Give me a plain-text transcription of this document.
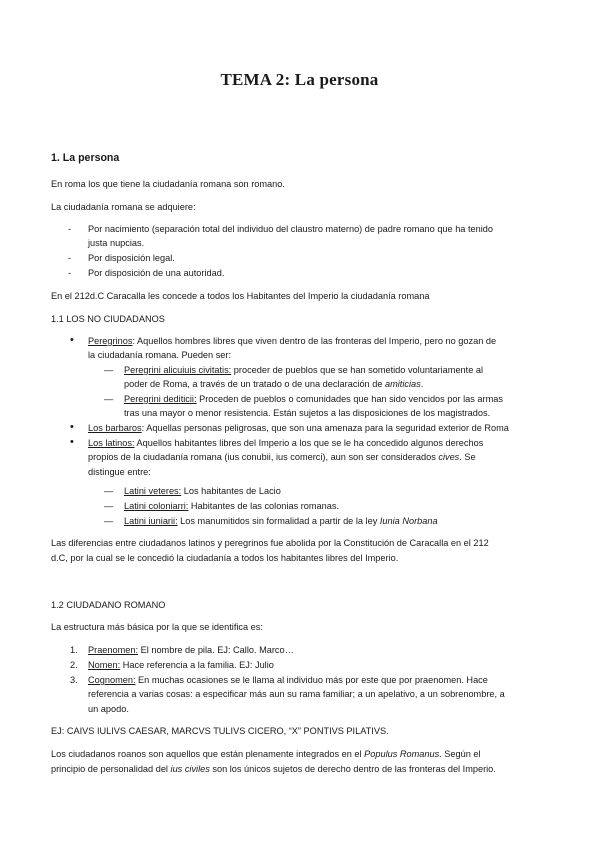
TEMA 2: La persona
1. La persona
En roma los que tiene la ciudadanía romana son romano.
La ciudadanía romana se adquiere:
- Por nacimiento (separación total del individuo del claustro materno) de padre romano que ha tenido
justa nupcias.
- Por disposición legal.
- Por disposición de una autoridad.
En el 212d.C Caracalla les concede a todos los Habitantes del Imperio la ciudadanía romana
1.1 LOS NO CIUDADANOS
• Peregrinos: Aquellos hombres libres que viven dentro de las fronteras del Imperio, pero no gozan de
la ciudadanía romana. Pueden ser:
— Peregrini alicuiuis civitatis: proceder de pueblos que se han sometido voluntariamente al
poder de Roma, a través de un tratado o de una declaración de amiticias.
— Peregrini dediticii: Proceden de pueblos o comunidades que han sido vencidos por las armas
tras una mayor o menor resistencia. Están sujetos a las disposiciones de los magistrados.
• Los barbaros: Aquellas personas peligrosas, que son una amenaza para la seguridad exterior de Roma
• Los latinos: Aquellos habitantes libres del Imperio a los que se le ha concedido algunos derechos
propios de la ciudadanía romana (ius conubii, ius comerci), aun son ser considerados cives. Se
distingue entre:
— Latini veteres: Los habitantes de Lacio
— Latini coloniarri: Habitantes de las colonias romanas.
— Latini iuniarii: Los manumitidos sin formalidad a partir de la ley Iunia Norbana
Las diferencias entre ciudadanos latinos y peregrinos fue abolida por la Constitución de Caracalla en el 212
d.C, por la cual se le concedió la ciudadanía a todos los habitantes libres del Imperio.
1.2 CIUDADANO ROMANO
La estructura más básica por la que se identifica es:
1. Praenomen: El nombre de pila. EJ: Callo. Marco…
2. Nomen: Hace referencia a la familia. EJ: Julio
3. Cognomen: En muchas ocasiones se le llama al individuo más por este que por praenomen. Hace
referencia a varias cosas: a especificar más aun su rama familiar; a un apelativo, a un sobrenombre, a
un apodo.
EJ: CAIVS IULIVS CAESAR, MARCVS TULIVS CICERO, “X” PONTIVS PILATIVS.
Los ciudadanos roanos son aquellos que están plenamente integrados en el Populus Romanus. Según el
principio de personalidad del ius civiles son los únicos sujetos de derecho dentro de las fronteras del Imperio.
